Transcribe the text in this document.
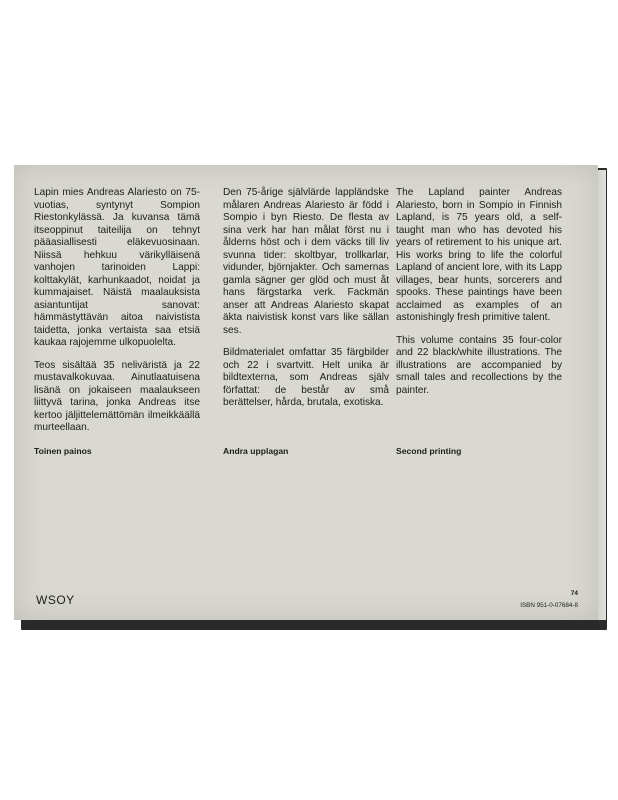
Lapin mies Andreas Alariesto on 75-vuotias, syntynyt Sompion Riestonkylässä. Ja kuvansa tämä itseoppinut taiteilija on tehnyt pääasiallisesti eläkevuosinaan. Niissä hehkuu värikylläisenä vanhojen tarinoiden Lappi: kolttakylät, karhunkaadot, noidat ja kummajaiset. Näistä maalauksista asiantuntijat sanovat: hämmästyttävän aitoa naivistista taidetta, jonka vertaista saa etsiä kaukaa rajojemme ulkopuolelta.

Teos sisältää 35 neliväristä ja 22 mustavalkokuvaa. Ainutlaatuisena lisänä on jokaiseen maalaukseen liittyvä tarina, jonka Andreas itse kertoo jäljittelemättömän ilmeikkäällä murteellaan.

Den 75-årige självlärde lappländske målaren Andreas Alariesto är född i Sompio i byn Riesto. De flesta av sina verk har han målat först nu i ålderns höst och i dem väcks till liv svunna tider: skoltbyar, trollkarlar, vidunder, björnjakter. Och samernas gamla sägner ger glöd och must åt hans färgstarka verk. Fackmän anser att Andreas Alariesto skapat äkta naivistisk konst vars like sällan ses.

Bildmaterialet omfattar 35 färgbilder och 22 i svartvitt. Helt unika är bildtexterna, som Andreas själv författat: de består av små berättelser, hårda, brutala, exotiska.

The Lapland painter Andreas Alariesto, born in Sompio in Finnish Lapland, is 75 years old, a self-taught man who has devoted his years of retirement to his unique art. His works bring to life the colorful Lapland of ancient lore, with its Lapp villages, bear hunts, sorcerers and spooks. These paintings have been acclaimed as examples of an astonishingly fresh primitive talent.

This volume contains 35 four-color and 22 black/white illustrations. The illustrations are accompanied by small tales and recollections by the painter.

Toinen painos	Andra upplagan	Second printing
WSOY	74
ISBN 951-0-07684-8
